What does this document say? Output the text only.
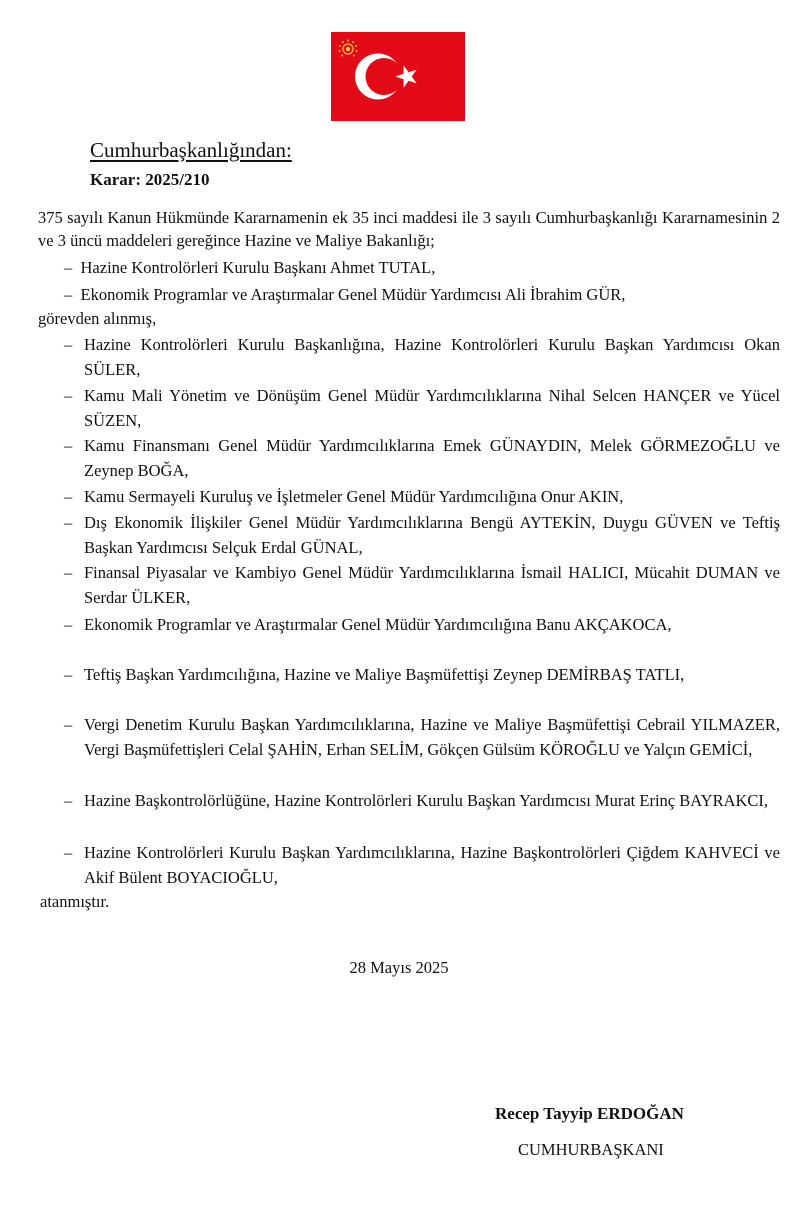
Cumhurbaşkanlığından:
Karar: 2025/210
375 sayılı Kanun Hükmünde Kararnamenin ek 35 inci maddesi ile 3 sayılı Cumhurbaşkanlığı Kararnamesinin 2 ve 3 üncü maddeleri gereğince Hazine ve Maliye Bakanlığı;
– Hazine Kontrolörleri Kurulu Başkanı Ahmet TUTAL,
– Ekonomik Programlar ve Araştırmalar Genel Müdür Yardımcısı Ali İbrahim GÜR,
görevden alınmış,
– Hazine Kontrolörleri Kurulu Başkanlığına, Hazine Kontrolörleri Kurulu Başkan Yardımcısı Okan SÜLER,
– Kamu Mali Yönetim ve Dönüşüm Genel Müdür Yardımcılıklarına Nihal Selcen HANÇER ve Yücel SÜZEN,
– Kamu Finansmanı Genel Müdür Yardımcılıklarına Emek GÜNAYDIN, Melek GÖRMEZOĞLU ve Zeynep BOĞA,
– Kamu Sermayeli Kuruluş ve İşletmeler Genel Müdür Yardımcılığına Onur AKIN,
– Dış Ekonomik İlişkiler Genel Müdür Yardımcılıklarına Bengü AYTEKİN, Duygu GÜVEN ve Teftiş Başkan Yardımcısı Selçuk Erdal GÜNAL,
– Finansal Piyasalar ve Kambiyo Genel Müdür Yardımcılıklarına İsmail HALICI, Mücahit DUMAN ve Serdar ÜLKER,
– Ekonomik Programlar ve Araştırmalar Genel Müdür Yardımcılığına Banu AKÇAKOCA,
– Teftiş Başkan Yardımcılığına, Hazine ve Maliye Başmüfettişi Zeynep DEMİRBAŞ TATLI,
– Vergi Denetim Kurulu Başkan Yardımcılıklarına, Hazine ve Maliye Başmüfettişi Cebrail YILMAZER, Vergi Başmüfettişleri Celal ŞAHİN, Erhan SELİM, Gökçen Gülsüm KÖROĞLU ve Yalçın GEMİCİ,
– Hazine Başkontrolörlüğüne, Hazine Kontrolörleri Kurulu Başkan Yardımcısı Murat Erinç BAYRAKCI,
– Hazine Kontrolörleri Kurulu Başkan Yardımcılıklarına, Hazine Başkontrolörleri Çiğdem KAHVECİ ve Akif Bülent BOYACIOĞLU,
atanmıştır.
28 Mayıs 2025
Recep Tayyip ERDOĞAN
CUMHURBAŞKANI
